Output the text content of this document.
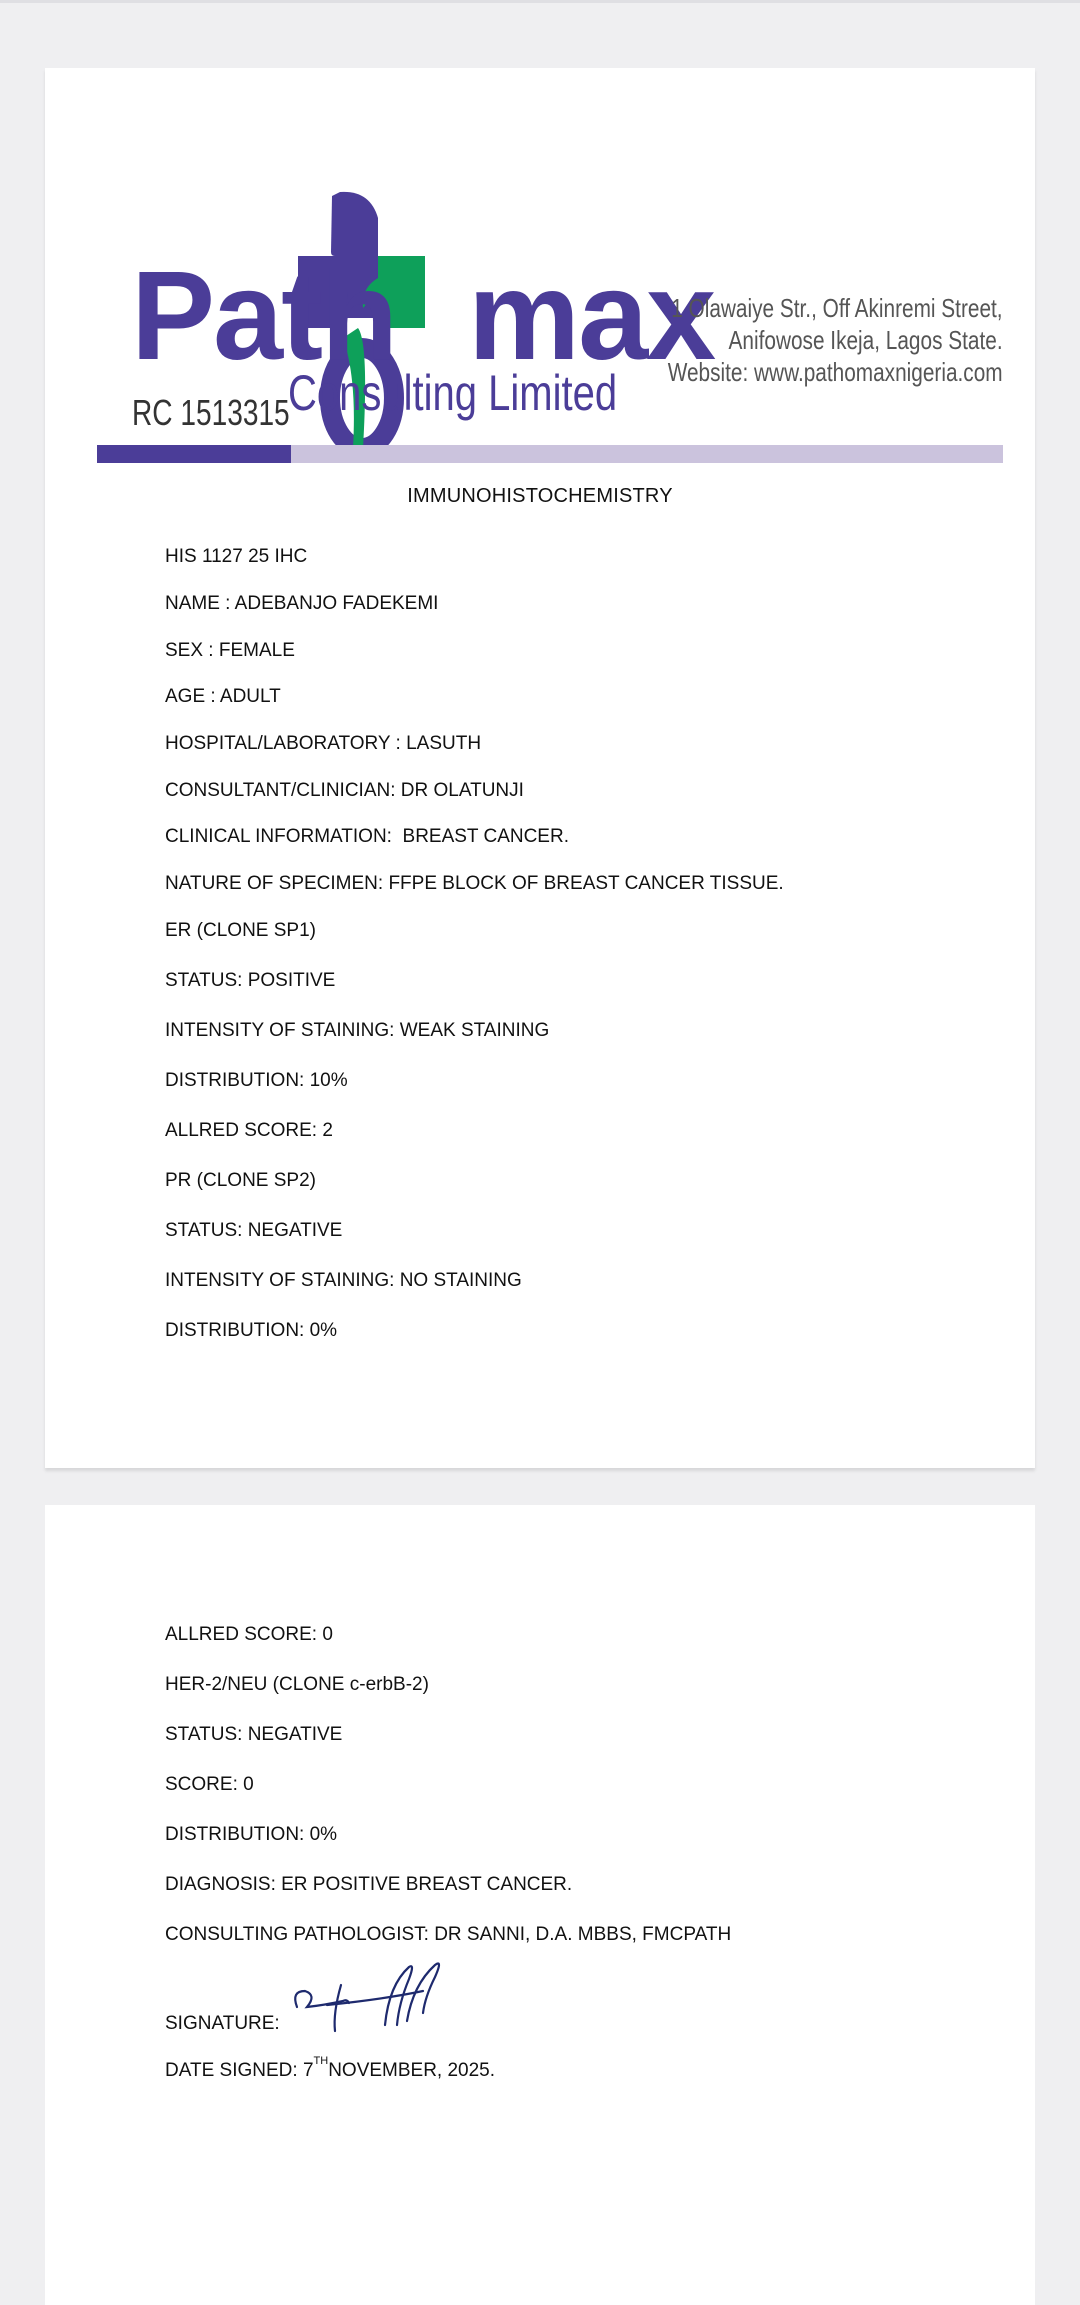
Path max
Consulting Limited
RC 1513315
1 Olawaiye Str., Off Akinremi Street,
Anifowose Ikeja, Lagos State.
Website: www.pathomaxnigeria.com
IMMUNOHISTOCHEMISTRY
HIS 1127 25 IHC
NAME : ADEBANJO FADEKEMI
SEX : FEMALE
AGE : ADULT
HOSPITAL/LABORATORY : LASUTH
CONSULTANT/CLINICIAN: DR OLATUNJI
CLINICAL INFORMATION:  BREAST CANCER.
NATURE OF SPECIMEN: FFPE BLOCK OF BREAST CANCER TISSUE.
ER (CLONE SP1)
STATUS: POSITIVE
INTENSITY OF STAINING: WEAK STAINING
DISTRIBUTION: 10%
ALLRED SCORE: 2
PR (CLONE SP2)
STATUS: NEGATIVE
INTENSITY OF STAINING: NO STAINING
DISTRIBUTION: 0%
ALLRED SCORE: 0
HER-2/NEU (CLONE c-erbB-2)
STATUS: NEGATIVE
SCORE: 0
DISTRIBUTION: 0%
DIAGNOSIS: ER POSITIVE BREAST CANCER.
CONSULTING PATHOLOGIST: DR SANNI, D.A. MBBS, FMCPATH
SIGNATURE:
DATE SIGNED: 7THNOVEMBER, 2025.
